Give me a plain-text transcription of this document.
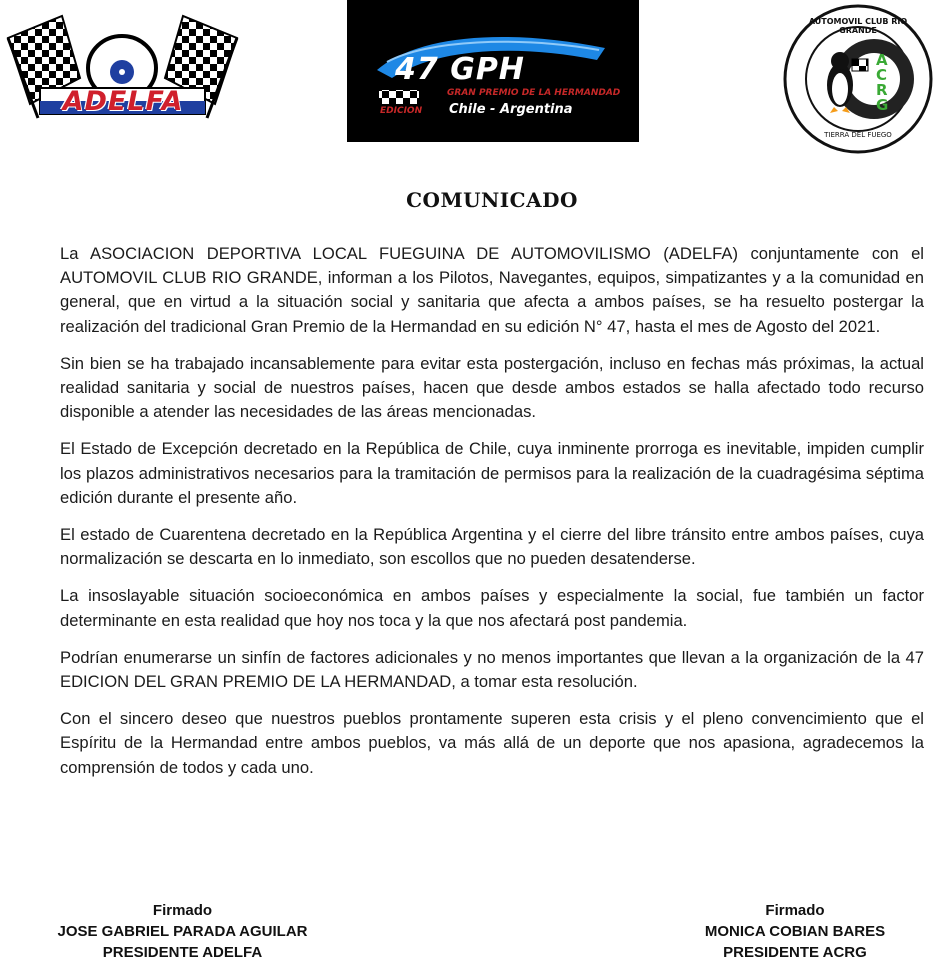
ADELFA
47 GPH
GRAN PREMIO DE LA HERMANDAD
EDICION	Chile - Argentina
AUTOMOVIL CLUB RIO GRANDE
ACRG
TIERRA DEL FUEGO
COMUNICADO

La ASOCIACION DEPORTIVA LOCAL FUEGUINA DE AUTOMOVILISMO (ADELFA) conjuntamente con el AUTOMOVIL CLUB RIO GRANDE, informan a los Pilotos, Navegantes, equipos, simpatizantes y a la comunidad en general, que en virtud a la situación social y sanitaria que afecta a ambos países, se ha resuelto postergar la realización del tradicional Gran Premio de la Hermandad en su edición N° 47, hasta el mes de Agosto del 2021.

Sin bien se ha trabajado incansablemente para evitar esta postergación, incluso en fechas más próximas, la actual realidad sanitaria y social de nuestros países, hacen que desde ambos estados se halla afectado todo recurso disponible a atender las necesidades de las áreas mencionadas.

El Estado de Excepción decretado en la República de Chile, cuya inminente prorroga es inevitable, impiden cumplir los plazos administrativos necesarios para la tramitación de permisos para la realización de la cuadragésima séptima edición durante el presente año.

El estado de Cuarentena decretado en la República Argentina y el cierre del libre tránsito entre ambos países, cuya normalización se descarta en lo inmediato, son escollos que no pueden desatenderse.

La insoslayable situación socioeconómica en ambos países y especialmente la social, fue también un factor determinante en esta realidad que hoy nos toca y la que nos afectará post pandemia.

Podrían enumerarse un sinfín de factores adicionales y no menos importantes que llevan a la organización de la 47 EDICION DEL GRAN PREMIO DE LA HERMANDAD, a tomar esta resolución.

Con el sincero deseo que nuestros pueblos prontamente superen esta crisis y el pleno convencimiento que el Espíritu de la Hermandad entre ambos pueblos, va más allá de un deporte que nos apasiona, agradecemos la comprensión de todos y cada uno.

Firmado
JOSE GABRIEL PARADA AGUILAR
PRESIDENTE ADELFA
Firmado
MONICA COBIAN BARES
PRESIDENTE ACRG
